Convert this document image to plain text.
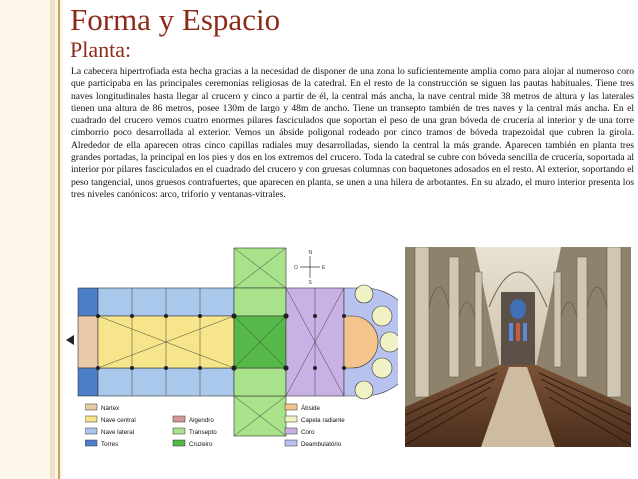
Forma y Espacio
Planta:

La cabecera hipertrofiada esta hecha gracias a la necesidad de disponer de una zona lo suficientemente amplia como para alojar al numeroso coro que participaba en las principales ceremonias religiosas de la catedral. En el resto de la construcción se siguen las pautas habituales. Tiene tres naves longitudinales hasta llegar al crucero y cinco a partir de él, la central más ancha, la nave central mide 38 metros de altura y las laterales tienen una altura de 86 metros, posee 130m de largo y 48m de ancho. Tiene un transepto también de tres naves y la central más ancha. En el cuadrado del crucero vemos cuatro enormes pilares fasciculados que soportan el peso de una gran bóveda de crucería al interior y de una torre cimborrio poco desarrollada al exterior. Vemos un ábside poligonal rodeado por cinco tramos de bóveda trapezoidal que cubren la girola. Alrededor de ella aparecen otras cinco capillas radiales muy desarrolladas, siendo la central la más grande. Aparecen también en planta tres grandes portadas, la principal en los pies y dos en los extremos del crucero. Toda la catedral se cubre con bóveda sencilla de crucería, soportada al interior por pilares fasciculados en el cuadrado del crucero y con gruesas columnas con baquetones adosados en el resto. Al exterior, soportando el peso tangencial, unos gruesos contrafuertes, que aparecen en planta, se unen a una hilera de arbotantes. En su alzado, el muro interior presenta los tres niveles canónicos: arco, triforio y ventanas-vitrales.

N
S
E
O
Nártex
Nave central
Nave lateral
Torres
Algendro
Transepto
Cruzeiro
Ábside
Capela radiante
Coro
Deambulatório
